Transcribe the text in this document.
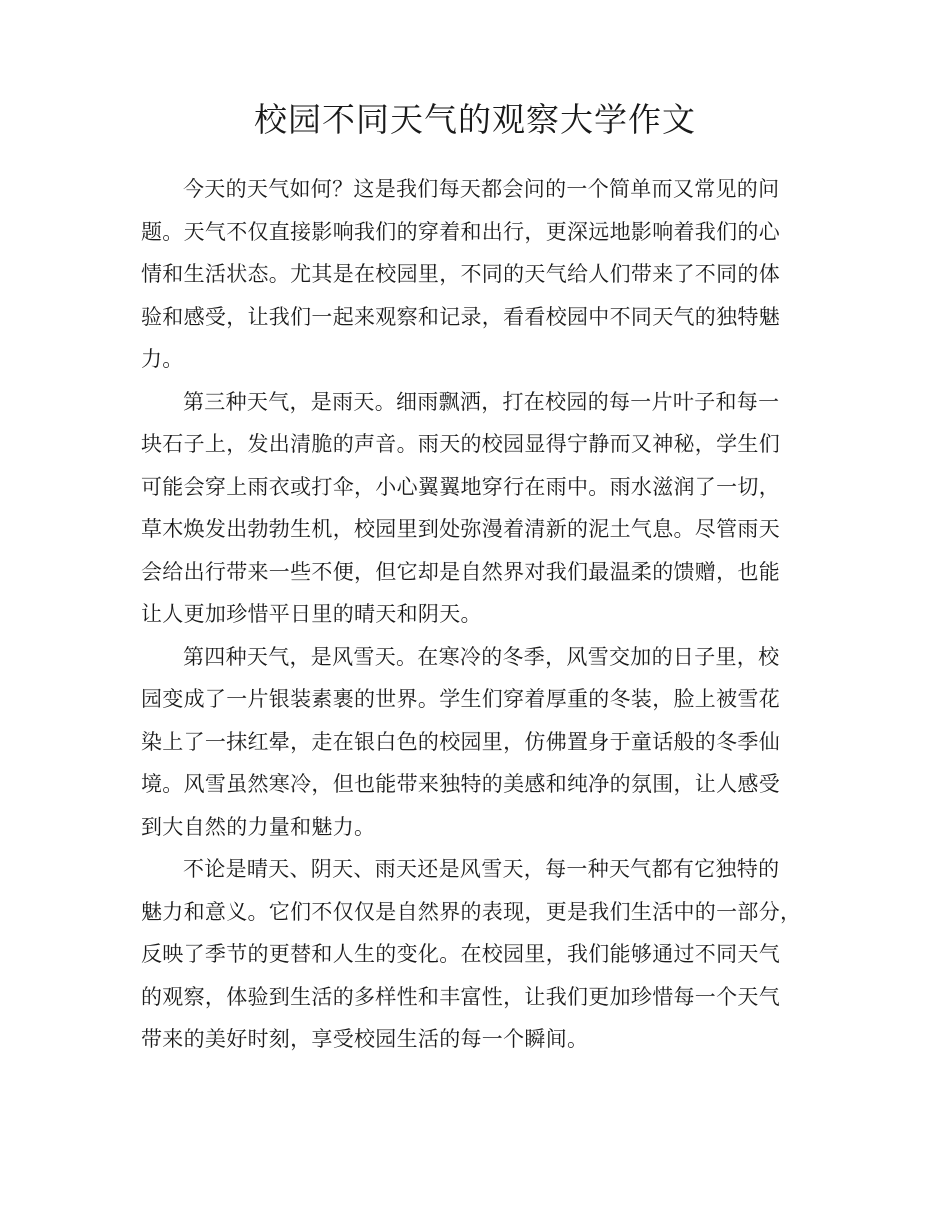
校园不同天气的观察大学作文

今天的天气如何？这是我们每天都会问的一个简单而又常见的问
题。天气不仅直接影响我们的穿着和出行，更深远地影响着我们的心
情和生活状态。尤其是在校园里，不同的天气给人们带来了不同的体
验和感受，让我们一起来观察和记录，看看校园中不同天气的独特魅
力。

第三种天气，是雨天。细雨飘洒，打在校园的每一片叶子和每一
块石子上，发出清脆的声音。雨天的校园显得宁静而又神秘，学生们
可能会穿上雨衣或打伞，小心翼翼地穿行在雨中。雨水滋润了一切，
草木焕发出勃勃生机，校园里到处弥漫着清新的泥土气息。尽管雨天
会给出行带来一些不便，但它却是自然界对我们最温柔的馈赠，也能
让人更加珍惜平日里的晴天和阴天。

第四种天气，是风雪天。在寒冷的冬季，风雪交加的日子里，校
园变成了一片银装素裹的世界。学生们穿着厚重的冬装，脸上被雪花
染上了一抹红晕，走在银白色的校园里，仿佛置身于童话般的冬季仙
境。风雪虽然寒冷，但也能带来独特的美感和纯净的氛围，让人感受
到大自然的力量和魅力。

不论是晴天、阴天、雨天还是风雪天，每一种天气都有它独特的
魅力和意义。它们不仅仅是自然界的表现，更是我们生活中的一部分，
反映了季节的更替和人生的变化。在校园里，我们能够通过不同天气
的观察，体验到生活的多样性和丰富性，让我们更加珍惜每一个天气
带来的美好时刻，享受校园生活的每一个瞬间。
